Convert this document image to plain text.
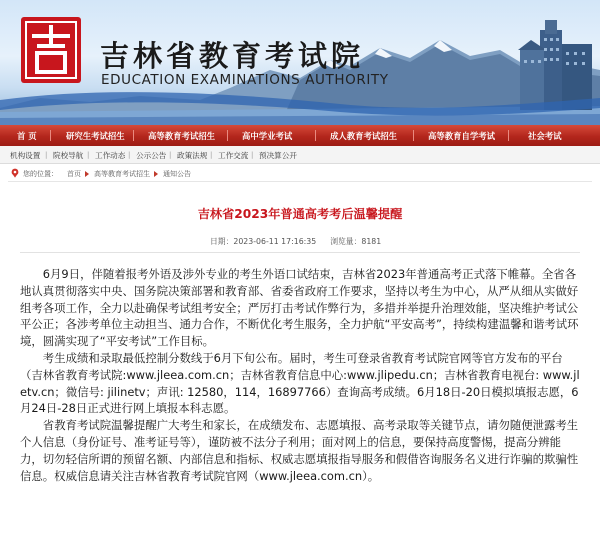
吉林省教育考试院
EDUCATION EXAMINATIONS AUTHORITY
首 页	研究生考试招生	高等教育考试招生	高中学业考试	成人教育考试招生	高等教育自学考试	社会考试
机构设置 | 院校导航 | 工作动态 | 公示公告 | 政策法规 | 工作交流 | 预决算公开
您的位置： 首页 高等教育考试招生 通知公告
吉林省2023年普通高考考后温馨提醒
日期：2023-06-11 17:16:35 浏览量：8181

6月9日，伴随着报考外语及涉外专业的考生外语口试结束，吉林省2023年普通高考正式落下帷幕。全省各地认真贯彻落实中央、国务院决策部署和教育部、省委省政府工作要求，坚持以考生为中心，从严从细从实做好组考各项工作，全力以赴确保考试组考安全；严厉打击考试作弊行为，多措并举提升治理效能，坚决维护考试公平公正；各涉考单位主动担当、通力合作，不断优化考生服务，全力护航“平安高考”，持续构建温馨和谐考试环境，圆满实现了“平安考试”工作目标。

考生成绩和录取最低控制分数线于6月下旬公布。届时，考生可登录省教育考试院官网等官方发布的平台（吉林省教育考试院:www.jleea.com.cn；吉林省教育信息中心:www.jlipedu.cn；吉林省教育电视台: www.jletv.cn；微信号: jilinetv；声讯: 12580，114，16897766）查询高考成绩。6月18日-20日模拟填报志愿，6月24日-28日正式进行网上填报本科志愿。

省教育考试院温馨提醒广大考生和家长，在成绩发布、志愿填报、高考录取等关键节点，请勿随便泄露考生个人信息（身份证号、准考证号等），谨防被不法分子利用；面对网上的信息，要保持高度警惕，提高分辨能力，切勿轻信所谓的预留名额、内部信息和指标、权威志愿填报指导服务和假借咨询服务名义进行诈骗的欺骗性信息。权威信息请关注吉林省教育考试院官网（www.jleea.com.cn）。
